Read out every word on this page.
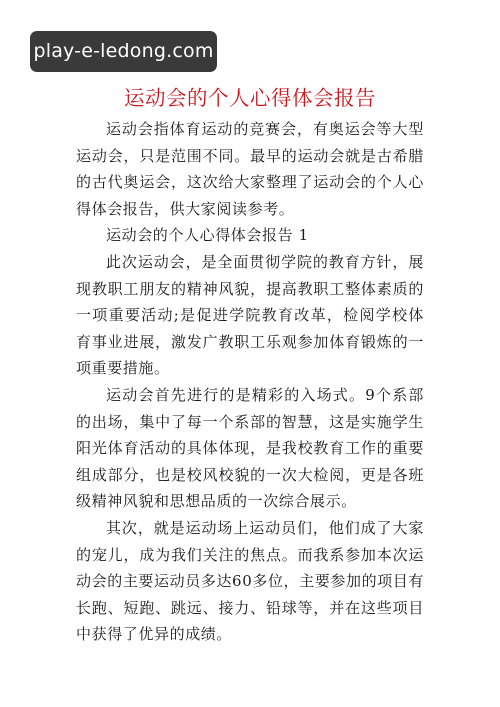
play-e-ledong.com
运动会的个人心得体会报告

运动会指体育运动的竞赛会，有奥运会等大型运动会，只是范围不同。最早的运动会就是古希腊的古代奥运会，这次给大家整理了运动会的个人心得体会报告，供大家阅读参考。

运动会的个人心得体会报告 1

此次运动会，是全面贯彻学院的教育方针，展现教职工朋友的精神风貌，提高教职工整体素质的一项重要活动;是促进学院教育改革，检阅学校体育事业进展，激发广教职工乐观参加体育锻炼的一项重要措施。

运动会首先进行的是精彩的入场式。9个系部的出场，集中了每一个系部的智慧，这是实施学生阳光体育活动的具体体现，是我校教育工作的重要组成部分，也是校风校貌的一次大检阅，更是各班级精神风貌和思想品质的一次综合展示。

其次，就是运动场上运动员们，他们成了大家的宠儿，成为我们关注的焦点。而我系参加本次运动会的主要运动员多达60多位，主要参加的项目有长跑、短跑、跳远、接力、铅球等，并在这些项目中获得了优异的成绩。
